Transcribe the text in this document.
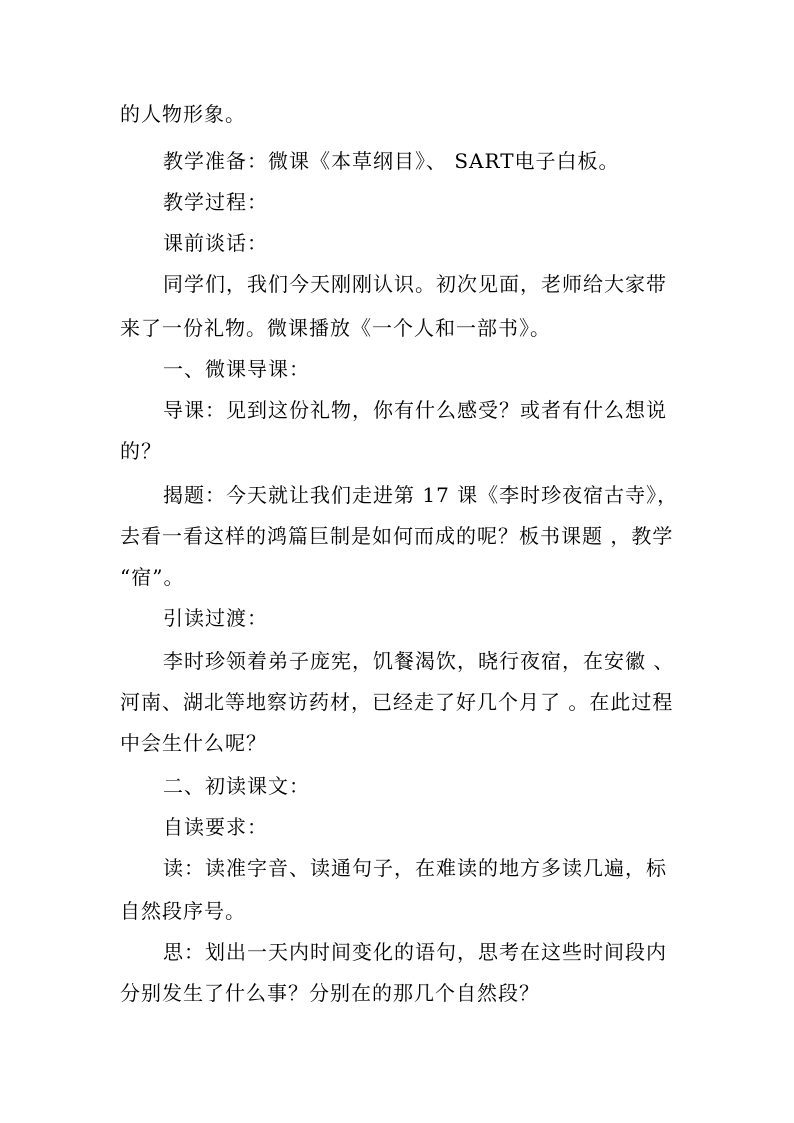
的人物形象。
教学准备：微课《本草纲目》、 SART电子白板。
教学过程：
课前谈话：
同学们，我们今天刚刚认识。初次见面，老师给大家带
来了一份礼物。微课播放《一个人和一部书》。
一、微课导课：
导课：见到这份礼物，你有什么感受？或者有什么想说
的？
揭题：今天就让我们走进第 17 课《李时珍夜宿古寺》，
去看一看这样的鸿篇巨制是如何而成的呢？板书课题 ，教学
“宿”。
引读过渡：
李时珍领着弟子庞宪，饥餐渴饮，晓行夜宿，在安徽 、
河南、湖北等地察访药材，已经走了好几个月了 。在此过程
中会生什么呢？
二、初读课文：
自读要求：
读：读准字音、读通句子，在难读的地方多读几遍，标
自然段序号。
思：划出一天内时间变化的语句，思考在这些时间段内
分别发生了什么事？分别在的那几个自然段？
